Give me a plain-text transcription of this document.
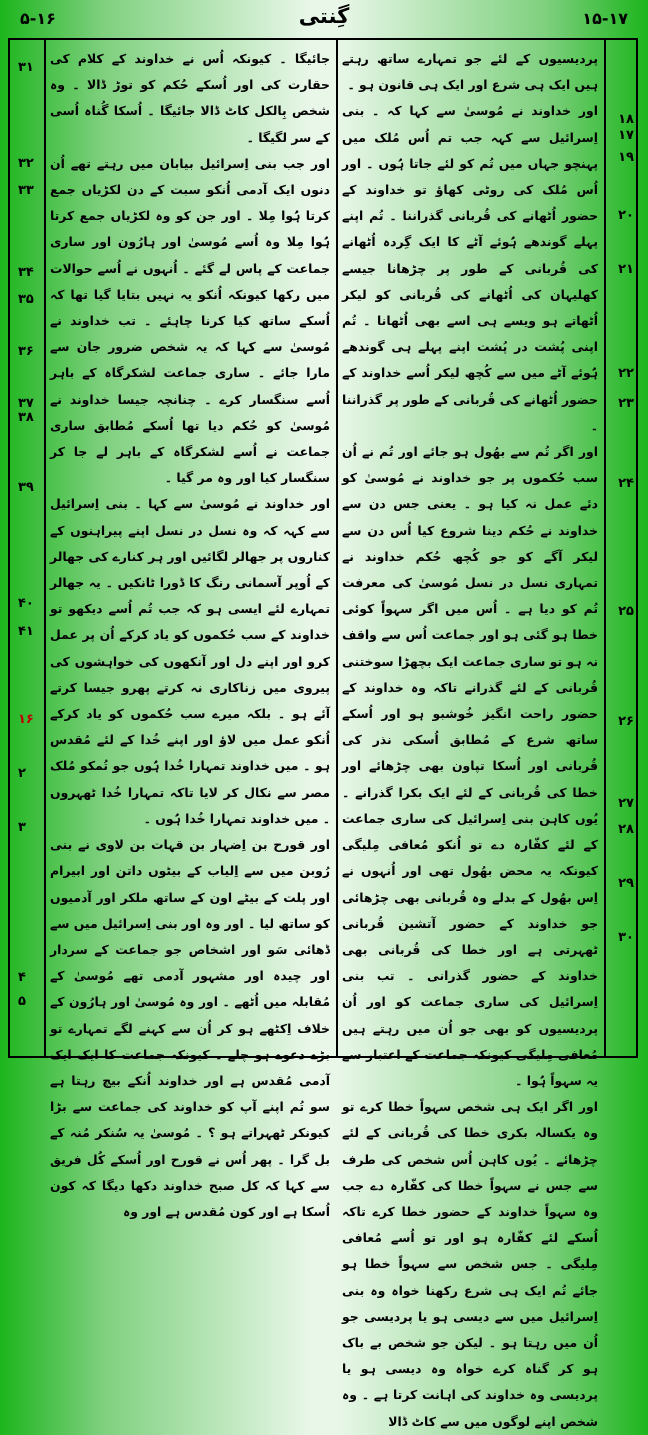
۵-۱۶	گِنتی	۱۵-۱۷
۳۱
۳۲
۳۳
۳۴
۳۵
۳۶
۳۷
۳۸
۳۹
۴۰
۴۱
۱۶
۲
۳
۴
۵
۱۸
۱۷
۱۹
۲۰
۲۱
۲۲
۲۳
۲۴
۲۵
۲۶
۲۷
۲۸
۲۹
۳۰

پردیسیوں کے لئے جو تمہارے ساتھ رہتے ہیں ایک ہی شرع اور ایک ہی قانون ہو ۔

اور خداوند نے مُوسیٰ سے کہا کہ ۔ بنی اِسرائیل سے کہہ جب تم اُس مُلک میں پہنچو جہاں میں تُم کو لئے جاتا ہُوں ۔ اور اُس مُلک کی روٹی کھاؤ تو خداوند کے حضور اُٹھانے کی قُربانی گذراننا ۔ تُم اپنے پہلے گوندھے ہُوئے آٹے کا ایک گِردہ اُٹھانے کی قُربانی کے طور پر چڑھانا جیسے کھلیہان کی اُٹھانے کی قُربانی کو لیکر اُٹھاتے ہو ویسے ہی اسے بھی اُٹھانا ۔ تُم اپنی پُشت در پُشت اپنے پہلے ہی گوندھے ہُوئے آٹے میں سے کُچھ لیکر اُسے خداوند کے حضور اُٹھانے کی قُربانی کے طور پر گذراننا ۔

اور اگر تُم سے بھُول ہو جائے اور تُم نے اُن سب حُکموں پر جو خداوند نے مُوسیٰ کو دئے عمل نہ کیا ہو ۔ یعنی جس دن سے خداوند نے حُکم دینا شروع کیا اُس دن سے لیکر آگے کو جو کُچھ حُکم خداوند نے تمہاری نسل در نسل مُوسیٰ کی معرفت تُم کو دیا ہے ۔ اُس میں اگر سہواً کوئی خطا ہو گئی ہو اور جماعت اُس سے واقف نہ ہو تو ساری جماعت ایک بچھڑا سوختنی قُربانی کے لئے گذرانے تاکہ وہ خداوند کے حضور راحت انگیز خُوشبو ہو اور اُسکے ساتھ شرع کے مُطابق اُسکی نذر کی قُربانی اور اُسکا تپاون بھی چڑھائے اور خطا کی قُربانی کے لئے ایک بکرا گذرانے ۔ یُوں کاہن بنی اِسرائیل کی ساری جماعت کے لئے کفّارہ دے تو اُنکو مُعافی مِلیگی کیونکہ یہ محض بھُول تھی اور اُنہوں نے اِس بھُول کے بدلے وہ قُربانی بھی چڑھائی جو خداوند کے حضور آتشین قُربانی ٹھہرتی ہے اور خطا کی قُربانی بھی خداوند کے حضور گذرانی ۔ تب بنی اِسرائیل کی ساری جماعت کو اور اُن پردیسیوں کو بھی جو اُن میں رہتے ہیں مُعافی مِلیگی کیونکہ جماعت کے اعتبار سے یہ سہواً ہُوا ۔

اور اگر ایک ہی شخص سہواً خطا کرے تو وہ یکسالہ بکری خطا کی قُربانی کے لئے چڑھائے ۔ یُوں کاہن اُس شخص کی طرف سے جس نے سہواً خطا کی کفّارہ دے جب وہ سہواً خداوند کے حضور خطا کرے تاکہ اُسکے لئے کفّارہ ہو اور تو اُسے مُعافی مِلیگی ۔ جس شخص سے سہواً خطا ہو جائے تُم ایک ہی شرع رکھنا خواہ وہ بنی اِسرائیل میں سے دیسی ہو یا پردیسی جو اُن میں رہتا ہو ۔ لیکن جو شخص بے باک ہو کر گناہ کرے خواہ وہ دیسی ہو یا پردیسی وہ خداوند کی اہانت کرتا ہے ۔ وہ شخص اپنے لوگوں میں سے کاٹ ڈالا

جائیگا ۔ کیونکہ اُس نے خداوند کے کلام کی حقارت کی اور اُسکے حُکم کو توڑ ڈالا ۔ وہ شخص بِالکل کاٹ ڈالا جائیگا ۔ اُسکا گُناہ اُسی کے سر لگیگا ۔

اور جب بنی اِسرائیل بیابان میں رہتے تھے اُن دنوں ایک آدمی اُنکو سبت کے دن لکڑیاں جمع کرتا ہُوا مِلا ۔ اور جن کو وہ لکڑیاں جمع کرتا ہُوا مِلا وہ اُسے مُوسیٰ اور ہارُون اور ساری جماعت کے پاس لے گئے ۔ اُنہوں نے اُسے حوالات میں رکھا کیونکہ اُنکو یہ نہیں بتایا گیا تھا کہ اُسکے ساتھ کیا کرنا چاہئے ۔ تب خداوند نے مُوسیٰ سے کہا کہ یہ شخص ضرور جان سے مارا جائے ۔ ساری جماعت لشکرگاہ کے باہر اُسے سنگسار کرے ۔ چنانچہ جیسا خداوند نے مُوسیٰ کو حُکم دیا تھا اُسکے مُطابق ساری جماعت نے اُسے لشکرگاہ کے باہر لے جا کر سنگسار کیا اور وہ مر گیا ۔

اور خداوند نے مُوسیٰ سے کہا ۔ بنی اِسرائیل سے کہہ کہ وہ نسل در نسل اپنے پیراہنوں کے کناروں پر جھالر لگائیں اور ہر کنارے کی جھالر کے اُوپر آسمانی رنگ کا ڈورا ٹانکیں ۔ یہ جھالر تمہارے لئے ایسی ہو کہ جب تُم اُسے دیکھو تو خداوند کے سب حُکموں کو یاد کرکے اُن پر عمل کرو اور اپنے دل اور آنکھوں کی خواہشوں کی پیروی میں زناکاری نہ کرتے پھرو جیسا کرتے آئے ہو ۔ بلکہ میرے سب حُکموں کو یاد کرکے اُنکو عمل میں لاؤ اور اپنے خُدا کے لئے مُقدس ہو ۔ میں خداوند تمہارا خُدا ہُوں جو تُمکو مُلک مصر سے نکال کر لایا تاکہ تمہارا خُدا ٹھہروں ۔ میں خداوند تمہارا خُدا ہُوں ۔

اور قورح بن اِضہار بن قہات بن لاوی نے بنی رُوبن میں سے اِلیاب کے بیٹوں داتن اور ابیرام اور پلت کے بیٹے اون کے ساتھ ملکر اور آدمیوں کو ساتھ لیا ۔ اور وہ اور بنی اِسرائیل میں سے ڈھائی سَو اور اشخاص جو جماعت کے سردار اور چیدہ اور مشہور آدمی تھے مُوسیٰ کے مُقابلہ میں اُٹھے ۔ اور وہ مُوسیٰ اور ہارُون کے خلاف اِکٹھے ہو کر اُن سے کہنے لگے تمہارے تو بڑے دعوے ہو چلے ۔ کیونکہ جماعت کا ایک ایک آدمی مُقدس ہے اور خداوند اُنکے بیچ رہتا ہے سو تُم اپنے آپ کو خداوند کی جماعت سے بڑا کیونکر ٹھہراتے ہو ؟ ۔ مُوسیٰ یہ سُنکر مُنہ کے بل گرا ۔ پھر اُس نے قورح اور اُسکے کُل فریق سے کہا کہ کل صبح خداوند دکھا دیگا کہ کون اُسکا ہے اور کون مُقدس ہے اور وہ
